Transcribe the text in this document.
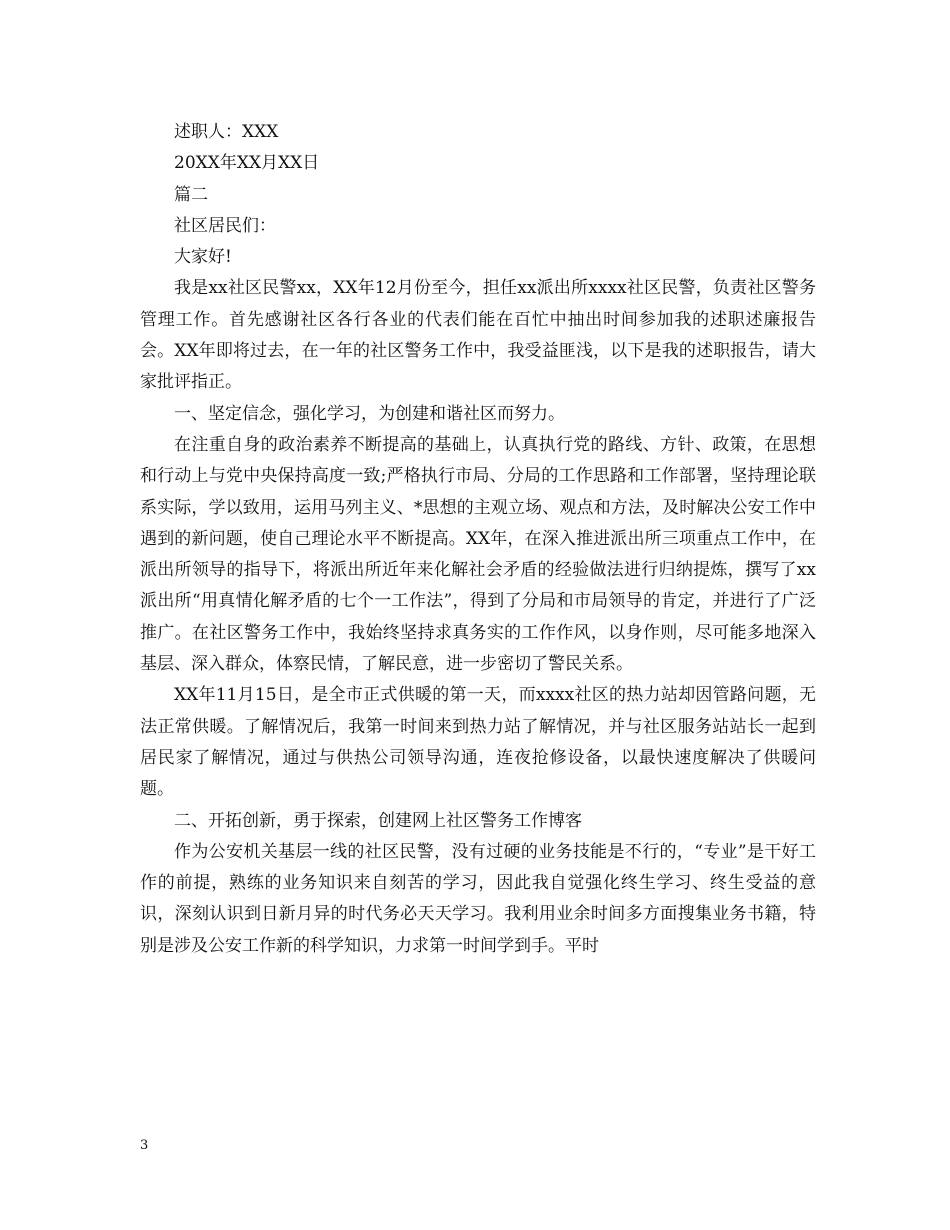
述职人：XXX

20XX年XX月XX日

篇二

社区居民们：

大家好!

我是xx社区民警xx，XX年12月份至今，担任xx派出所xxxx社区民警，负责社区警务管理工作。首先感谢社区各行各业的代表们能在百忙中抽出时间参加我的述职述廉报告会。XX年即将过去，在一年的社区警务工作中，我受益匪浅，以下是我的述职报告，请大家批评指正。

一、坚定信念，强化学习，为创建和谐社区而努力。

在注重自身的政治素养不断提高的基础上，认真执行党的路线、方针、政策，在思想和行动上与党中央保持高度一致;严格执行市局、分局的工作思路和工作部署，坚持理论联系实际，学以致用，运用马列主义、*思想的主观立场、观点和方法，及时解决公安工作中遇到的新问题，使自己理论水平不断提高。XX年，在深入推进派出所三项重点工作中，在派出所领导的指导下，将派出所近年来化解社会矛盾的经验做法进行归纳提炼，撰写了xx派出所“用真情化解矛盾的七个一工作法”，得到了分局和市局领导的肯定，并进行了广泛推广。在社区警务工作中，我始终坚持求真务实的工作作风，以身作则，尽可能多地深入基层、深入群众，体察民情，了解民意，进一步密切了警民关系。

XX年11月15日，是全市正式供暖的第一天，而xxxx社区的热力站却因管路问题，无法正常供暖。了解情况后，我第一时间来到热力站了解情况，并与社区服务站站长一起到居民家了解情况，通过与供热公司领导沟通，连夜抢修设备，以最快速度解决了供暖问题。

二、开拓创新，勇于探索，创建网上社区警务工作博客

作为公安机关基层一线的社区民警，没有过硬的业务技能是不行的，“专业”是干好工作的前提，熟练的业务知识来自刻苦的学习，因此我自觉强化终生学习、终生受益的意识，深刻认识到日新月异的时代务必天天学习。我利用业余时间多方面搜集业务书籍，特别是涉及公安工作新的科学知识，力求第一时间学到手。平时

3
